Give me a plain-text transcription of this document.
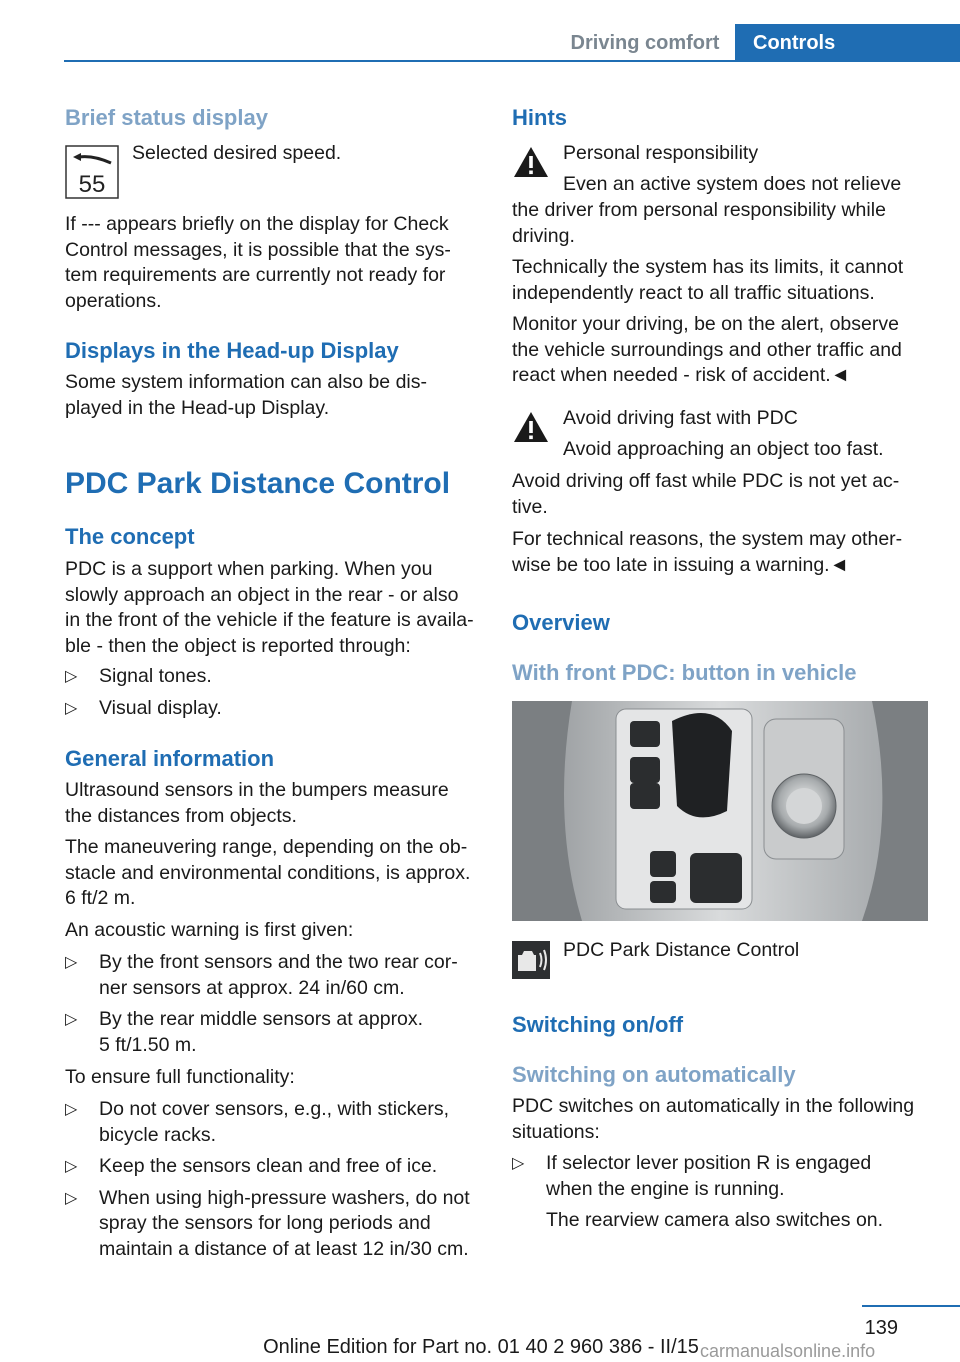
Driving comfort	Controls
Brief status display
55
Selected desired speed.
If --- appears briefly on the display for Check
Control messages, it is possible that the sys-
tem requirements are currently not ready for
operations.
Displays in the Head-up Display
Some system information can also be dis-
played in the Head-up Display.
PDC Park Distance Control
The concept
PDC is a support when parking. When you
slowly approach an object in the rear - or also
in the front of the vehicle if the feature is availa-
ble - then the object is reported through:
▷ Signal tones.
▷ Visual display.
General information
Ultrasound sensors in the bumpers measure
the distances from objects.
The maneuvering range, depending on the ob-
stacle and environmental conditions, is approx.
6 ft/2 m.
An acoustic warning is first given:
▷ By the front sensors and the two rear cor-
ner sensors at approx. 24 in/60 cm.
▷ By the rear middle sensors at approx.
5 ft/1.50 m.
To ensure full functionality:
▷ Do not cover sensors, e.g., with stickers,
bicycle racks.
▷ Keep the sensors clean and free of ice.
▷ When using high-pressure washers, do not
spray the sensors for long periods and
maintain a distance of at least 12 in/30 cm.
Hints
Personal responsibility
Even an active system does not relieve
the driver from personal responsibility while
driving.
Technically the system has its limits, it cannot
independently react to all traffic situations.
Monitor your driving, be on the alert, observe
the vehicle surroundings and other traffic and
react when needed - risk of accident.◄
Avoid driving fast with PDC
Avoid approaching an object too fast.
Avoid driving off fast while PDC is not yet ac-
tive.
For technical reasons, the system may other-
wise be too late in issuing a warning.◄
Overview
With front PDC: button in vehicle
PDC Park Distance Control
Switching on/off
Switching on automatically
PDC switches on automatically in the following
situations:
▷ If selector lever position R is engaged
when the engine is running.
The rearview camera also switches on.
139
Online Edition for Part no. 01 40 2 960 386 - II/15 carmanualsonline.info
